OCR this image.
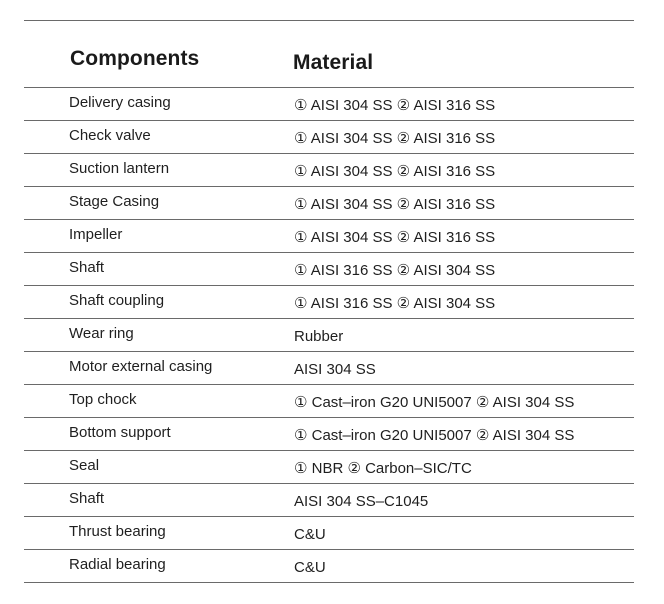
Components	Material
Delivery casing	① AISI 304 SS ② AISI 316 SS
Check valve	① AISI 304 SS ② AISI 316 SS
Suction lantern	① AISI 304 SS ② AISI 316 SS
Stage Casing	① AISI 304 SS ② AISI 316 SS
Impeller	① AISI 304 SS ② AISI 316 SS
Shaft	① AISI 316 SS ② AISI 304 SS
Shaft coupling	① AISI 316 SS ② AISI 304 SS
Wear ring	Rubber
Motor external casing	AISI 304 SS
Top chock	① Cast–iron G20 UNI5007 ② AISI 304 SS
Bottom support	① Cast–iron G20 UNI5007 ② AISI 304 SS
Seal	① NBR ② Carbon–SIC/TC
Shaft	AISI 304 SS–C1045
Thrust bearing	C&U
Radial bearing	C&U
